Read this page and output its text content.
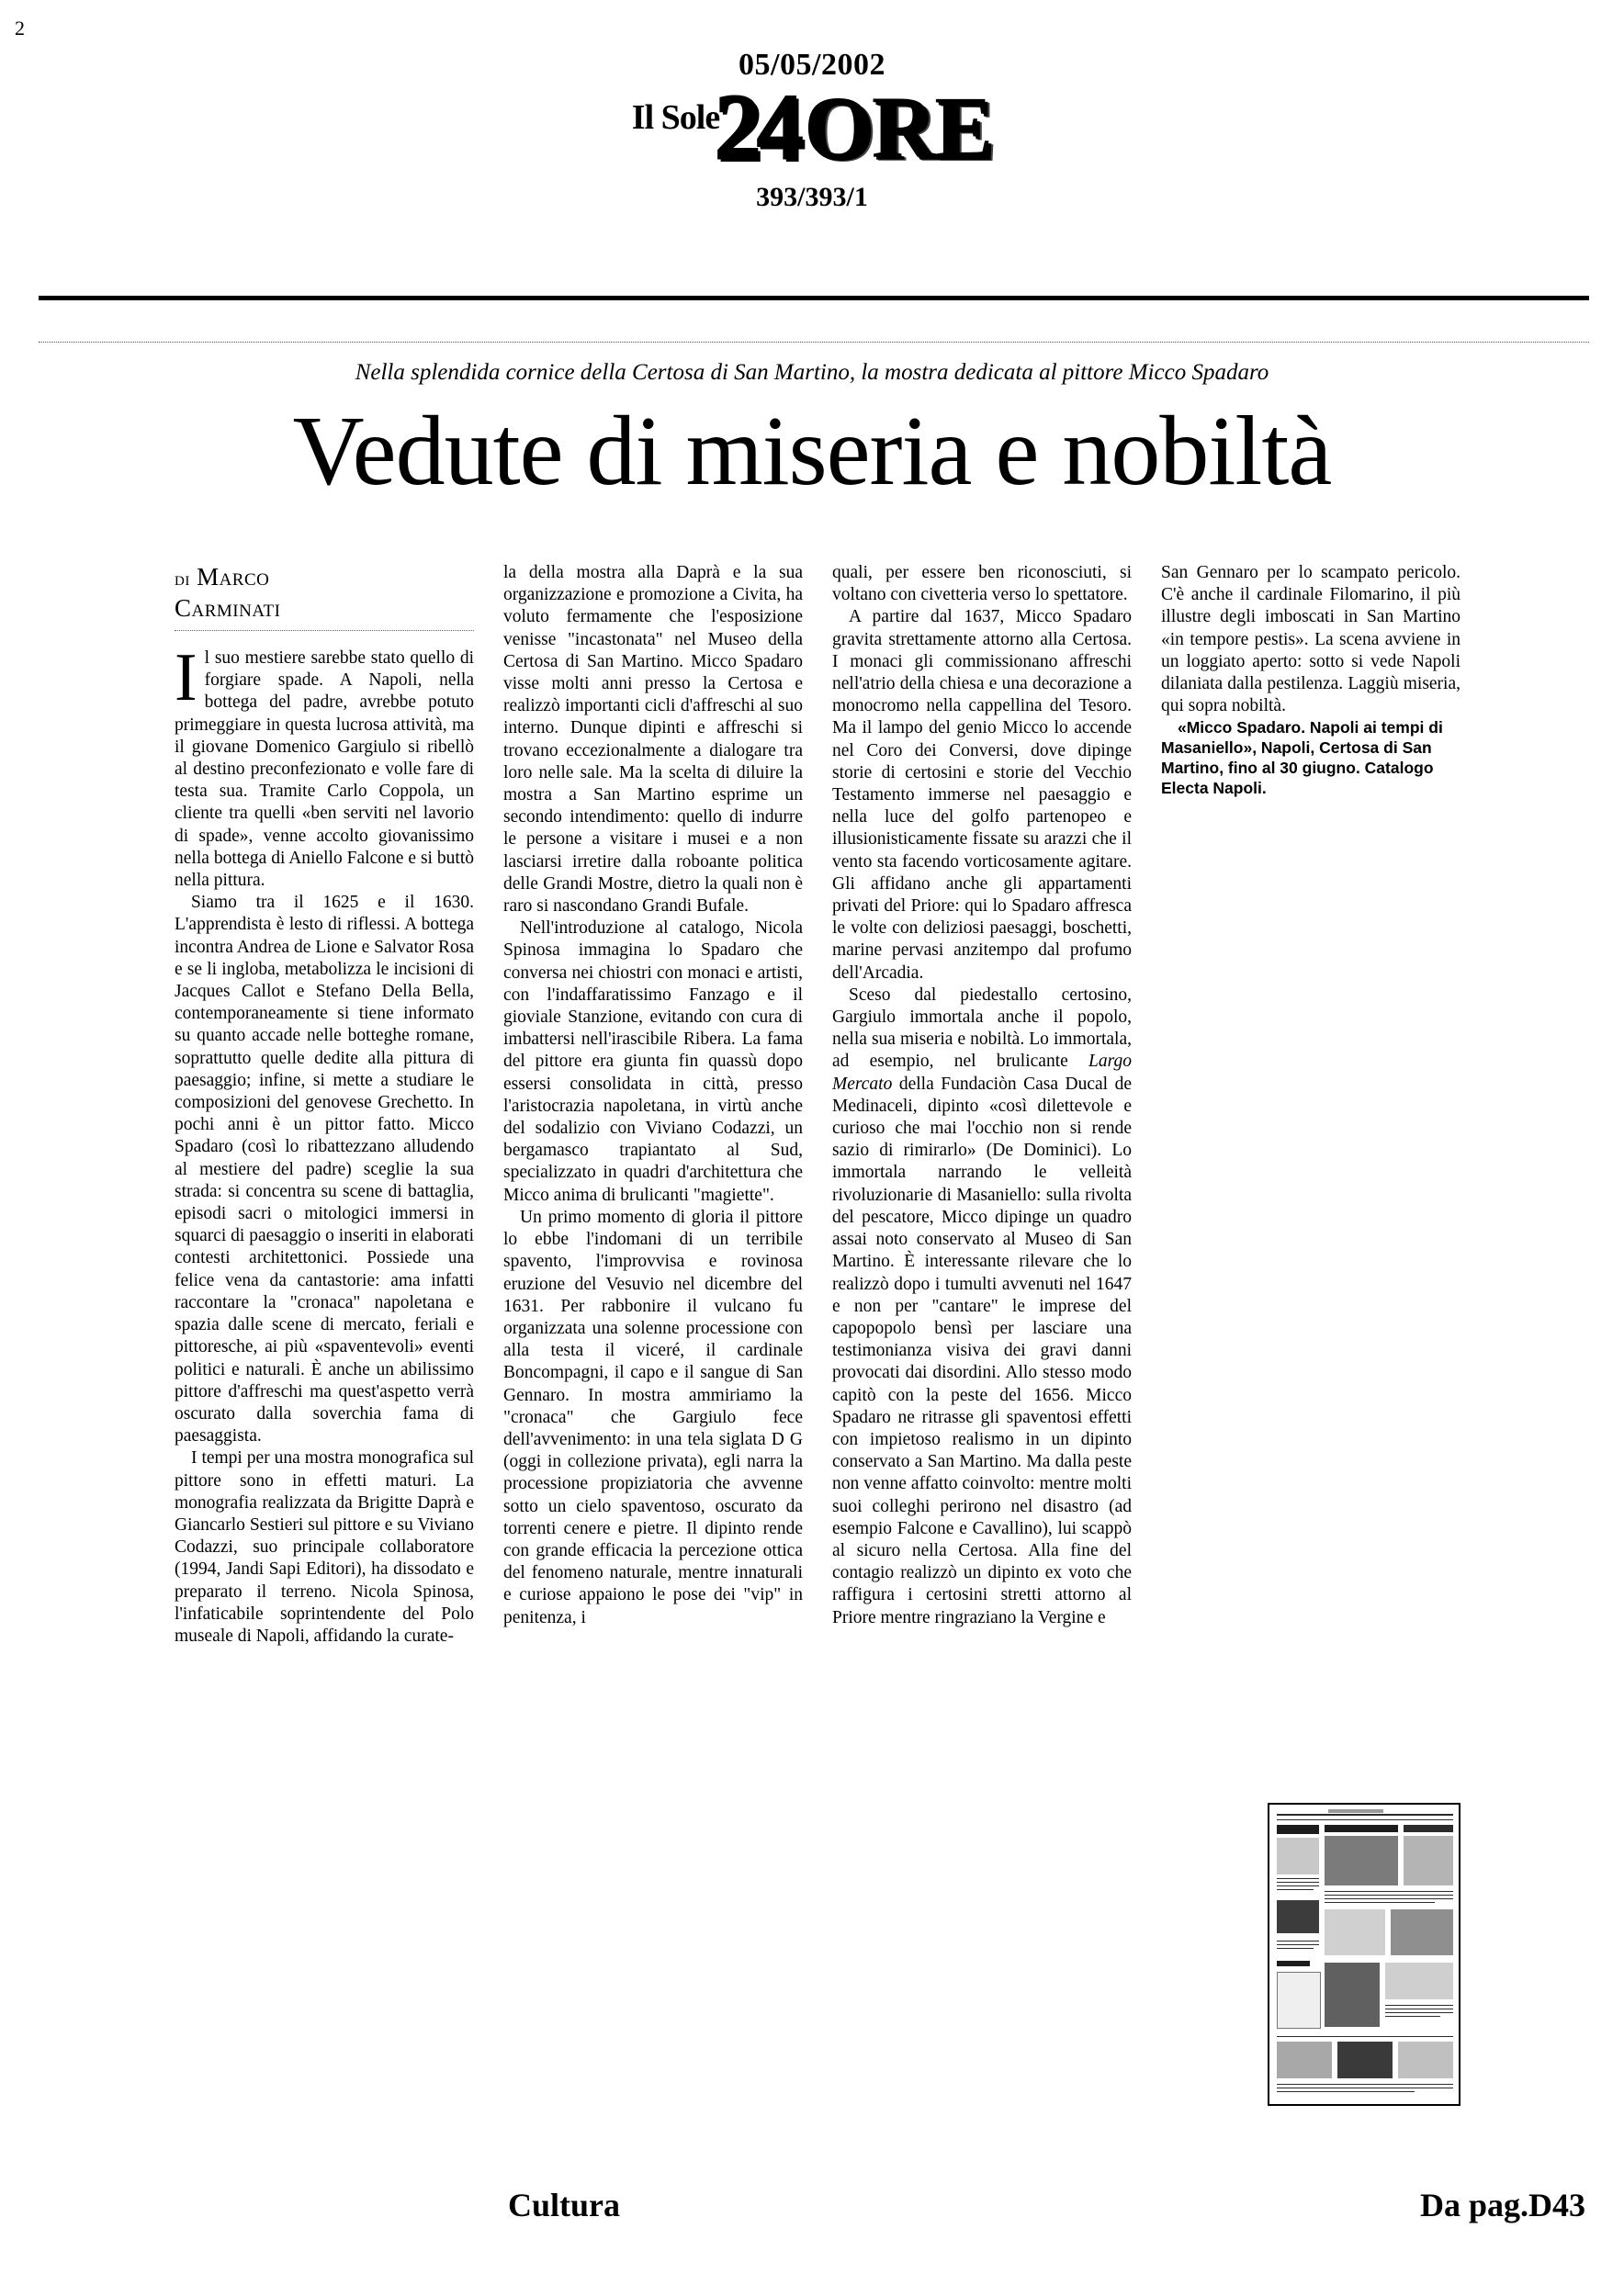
2
05/05/2002
Il Sole
24 ORE
393/393/1
Nella splendida cornice della Certosa di San Martino, la mostra dedicata al pittore Micco Spadaro
Vedute di miseria e nobiltà
di Marco
Carminati

Il suo mestiere sarebbe stato quello di forgiare spade. A Napoli, nella bottega del padre, avrebbe potuto primeggiare in questa lucrosa attività, ma il giovane Domenico Gargiulo si ribellò al destino preconfezionato e volle fare di testa sua. Tramite Carlo Coppola, un cliente tra quelli «ben serviti nel lavorio di spade», venne accolto giovanissimo nella bottega di Aniello Falcone e si buttò nella pittura.

Siamo tra il 1625 e il 1630. L'apprendista è lesto di riflessi. A bottega incontra Andrea de Lione e Salvator Rosa e se li ingloba, metabolizza le incisioni di Jacques Callot e Stefano Della Bella, contemporaneamente si tiene informato su quanto accade nelle botteghe romane, soprattutto quelle dedite alla pittura di paesaggio; infine, si mette a studiare le composizioni del genovese Grechetto. In pochi anni è un pittor fatto. Micco Spadaro (così lo ribattezzano alludendo al mestiere del padre) sceglie la sua strada: si concentra su scene di battaglia, episodi sacri o mitologici immersi in squarci di paesaggio o inseriti in elaborati contesti architettonici. Possiede una felice vena da cantastorie: ama infatti raccontare la "cronaca" napoletana e spazia dalle scene di mercato, feriali e pittoresche, ai più «spaventevoli» eventi politici e naturali. È anche un abilissimo pittore d'affreschi ma quest'aspetto verrà oscurato dalla soverchia fama di paesaggista.

I tempi per una mostra monografica sul pittore sono in effetti maturi. La monografia realizzata da Brigitte Daprà e Giancarlo Sestieri sul pittore e su Viviano Codazzi, suo principale collaboratore (1994, Jandi Sapi Editori), ha dissodato e preparato il terreno. Nicola Spinosa, l'infaticabile soprintendente del Polo museale di Napoli, affidando la curate-

la della mostra alla Daprà e la sua organizzazione e promozione a Civita, ha voluto fermamente che l'esposizione venisse "incastonata" nel Museo della Certosa di San Martino. Micco Spadaro visse molti anni presso la Certosa e realizzò importanti cicli d'affreschi al suo interno. Dunque dipinti e affreschi si trovano eccezionalmente a dialogare tra loro nelle sale. Ma la scelta di diluire la mostra a San Martino esprime un secondo intendimento: quello di indurre le persone a visitare i musei e a non lasciarsi irretire dalla roboante politica delle Grandi Mostre, dietro la quali non è raro si nascondano Grandi Bufale.

Nell'introduzione al catalogo, Nicola Spinosa immagina lo Spadaro che conversa nei chiostri con monaci e artisti, con l'indaffaratissimo Fanzago e il gioviale Stanzione, evitando con cura di imbattersi nell'irascibile Ribera. La fama del pittore era giunta fin quassù dopo essersi consolidata in città, presso l'aristocrazia napoletana, in virtù anche del sodalizio con Viviano Codazzi, un bergamasco trapiantato al Sud, specializzato in quadri d'architettura che Micco anima di brulicanti "magiette".

Un primo momento di gloria il pittore lo ebbe l'indomani di un terribile spavento, l'improvvisa e rovinosa eruzione del Vesuvio nel dicembre del 1631. Per rabbonire il vulcano fu organizzata una solenne processione con alla testa il viceré, il cardinale Boncompagni, il capo e il sangue di San Gennaro. In mostra ammiriamo la "cronaca" che Gargiulo fece dell'avvenimento: in una tela siglata D G (oggi in collezione privata), egli narra la processione propiziatoria che avvenne sotto un cielo spaventoso, oscurato da torrenti cenere e pietre. Il dipinto rende con grande efficacia la percezione ottica del fenomeno naturale, mentre innaturali e curiose appaiono le pose dei "vip" in penitenza, i

quali, per essere ben riconosciuti, si voltano con civetteria verso lo spettatore.

A partire dal 1637, Micco Spadaro gravita strettamente attorno alla Certosa. I monaci gli commissionano affreschi nell'atrio della chiesa e una decorazione a monocromo nella cappellina del Tesoro. Ma il lampo del genio Micco lo accende nel Coro dei Conversi, dove dipinge storie di certosini e storie del Vecchio Testamento immerse nel paesaggio e nella luce del golfo partenopeo e illusionisticamente fissate su arazzi che il vento sta facendo vorticosamente agitare. Gli affidano anche gli appartamenti privati del Priore: qui lo Spadaro affresca le volte con deliziosi paesaggi, boschetti, marine pervasi anzitempo dal profumo dell'Arcadia.

Sceso dal piedestallo certosino, Gargiulo immortala anche il popolo, nella sua miseria e nobiltà. Lo immortala, ad esempio, nel brulicante Largo Mercato della Fundaciòn Casa Ducal de Medinaceli, dipinto «così dilettevole e curioso che mai l'occhio non si rende sazio di rimirarlo» (De Dominici). Lo immortala narrando le velleità rivoluzionarie di Masaniello: sulla rivolta del pescatore, Micco dipinge un quadro assai noto conservato al Museo di San Martino. È interessante rilevare che lo realizzò dopo i tumulti avvenuti nel 1647 e non per "cantare" le imprese del capopopolo bensì per lasciare una testimonianza visiva dei gravi danni provocati dai disordini. Allo stesso modo capitò con la peste del 1656. Micco Spadaro ne ritrasse gli spaventosi effetti con impietoso realismo in un dipinto conservato a San Martino. Ma dalla peste non venne affatto coinvolto: mentre molti suoi colleghi perirono nel disastro (ad esempio Falcone e Cavallino), lui scappò al sicuro nella Certosa. Alla fine del contagio realizzò un dipinto ex voto che raffigura i certosini stretti attorno al Priore mentre ringraziano la Vergine e

San Gennaro per lo scampato pericolo. C'è anche il cardinale Filomarino, il più illustre degli imboscati in San Martino «in tempore pestis». La scena avviene in un loggiato aperto: sotto si vede Napoli dilaniata dalla pestilenza. Laggiù miseria, qui sopra nobiltà.

«Micco Spadaro. Napoli ai tempi di Masaniello», Napoli, Certosa di San Martino, fino al 30 giugno. Catalogo Electa Napoli.

Cultura	Da pag.D43
